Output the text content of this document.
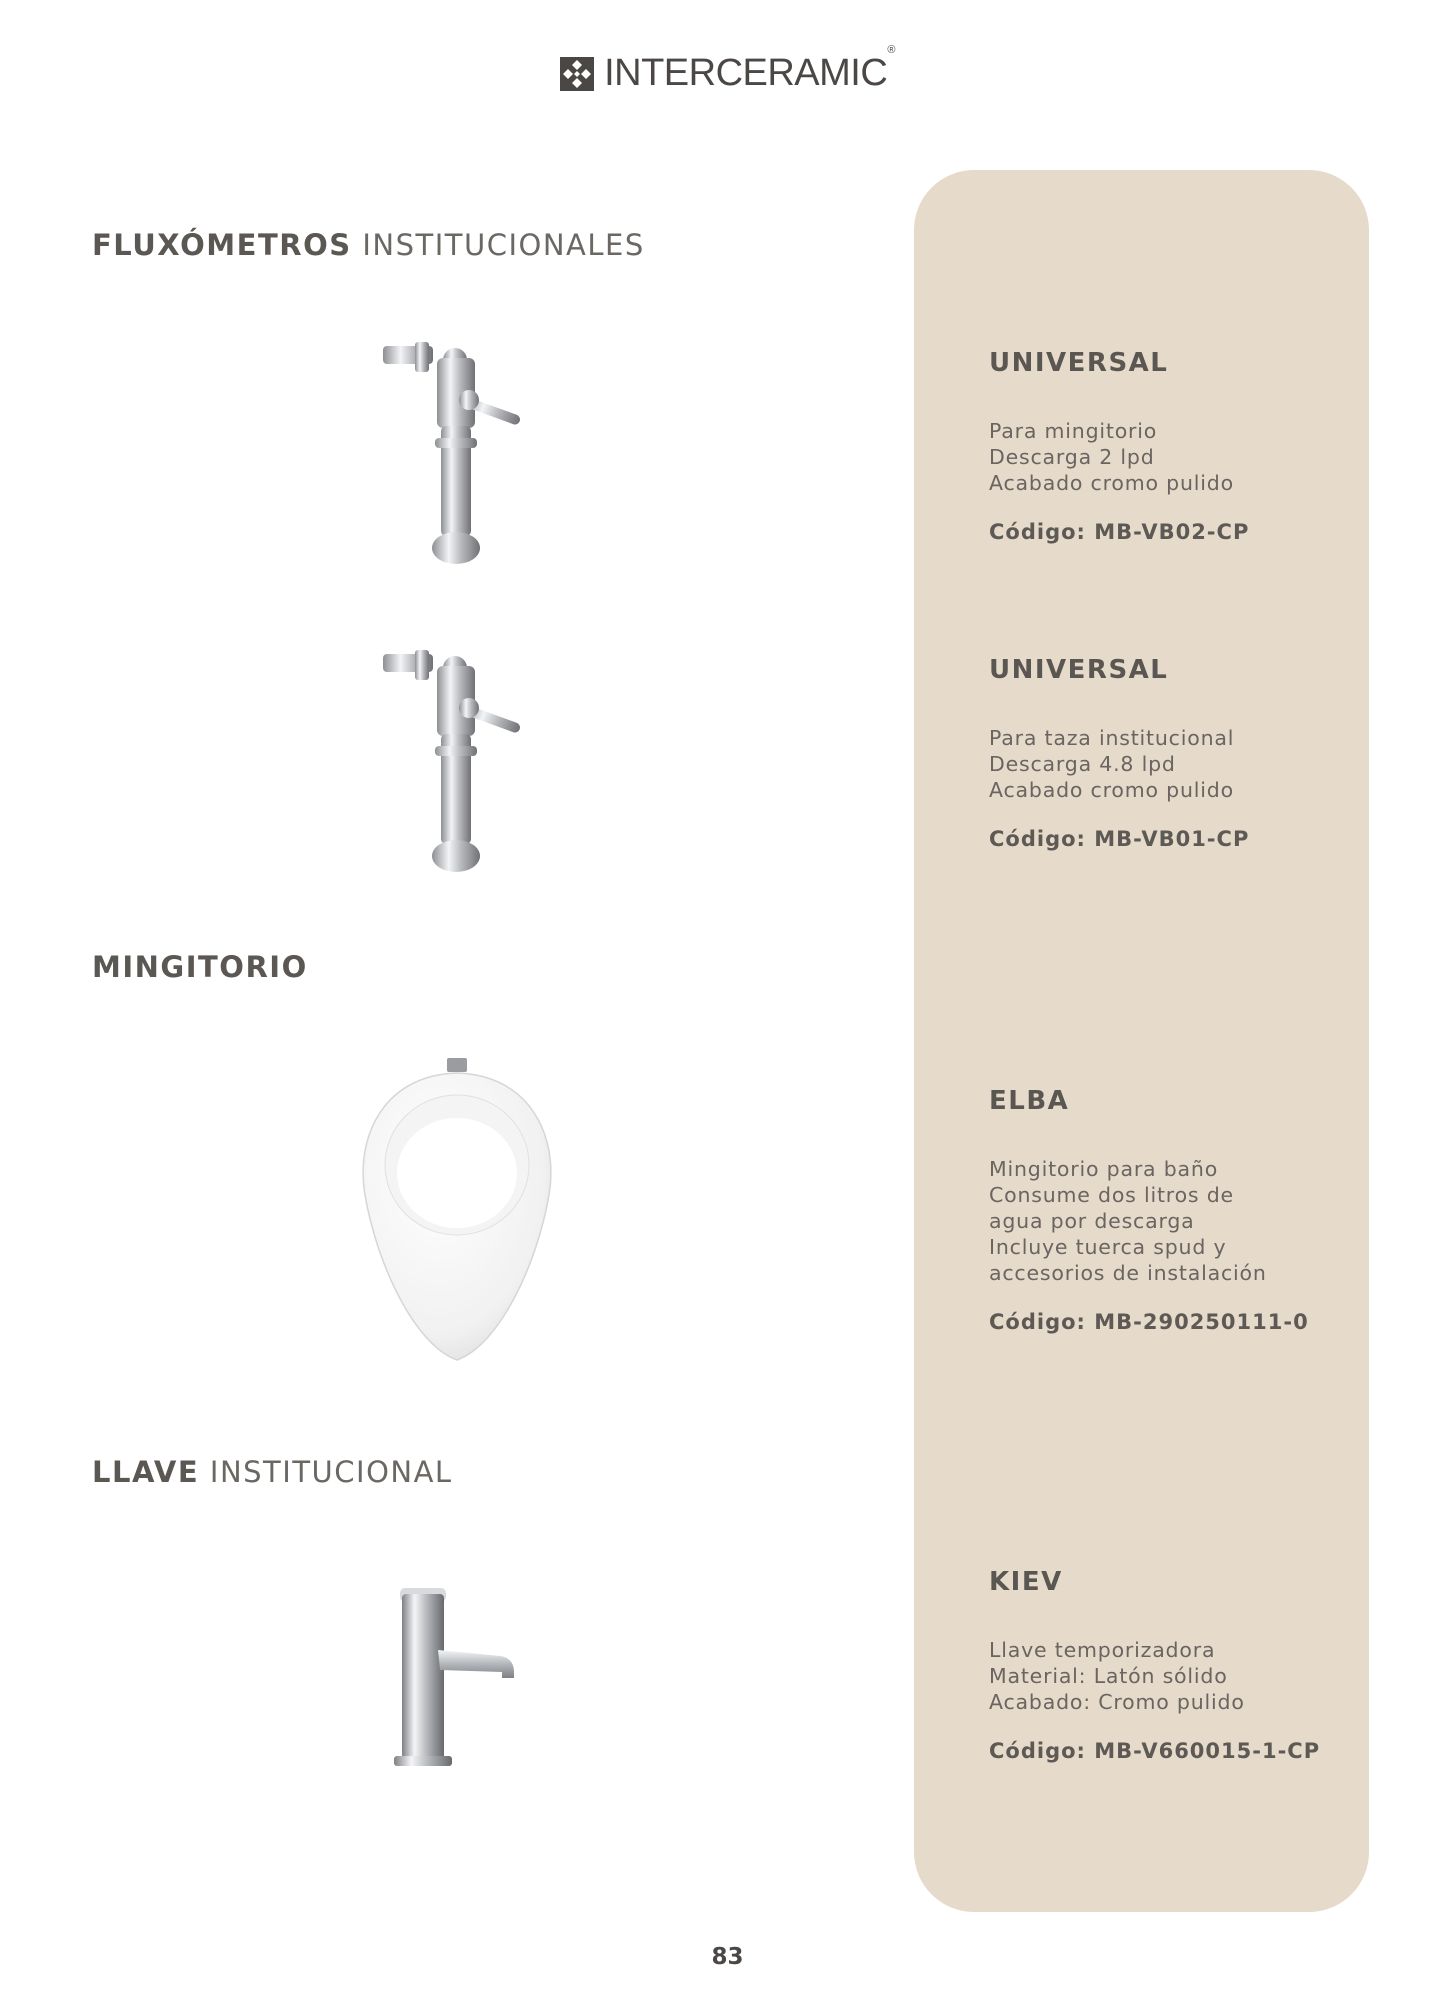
INTERCERAMIC®
FLUXÓMETROS INSTITUCIONALES
MINGITORIO
LLAVE INSTITUCIONAL
UNIVERSAL
Para mingitorio
Descarga 2 lpd
Acabado cromo pulido
Código: MB-VB02-CP
UNIVERSAL
Para taza institucional
Descarga 4.8 lpd
Acabado cromo pulido
Código: MB-VB01-CP
ELBA
Mingitorio para baño
Consume dos litros de
agua por descarga
Incluye tuerca spud y
accesorios de instalación
Código: MB-290250111-0
KIEV
Llave temporizadora
Material: Latón sólido
Acabado: Cromo pulido
Código: MB-V660015-1-CP
83
